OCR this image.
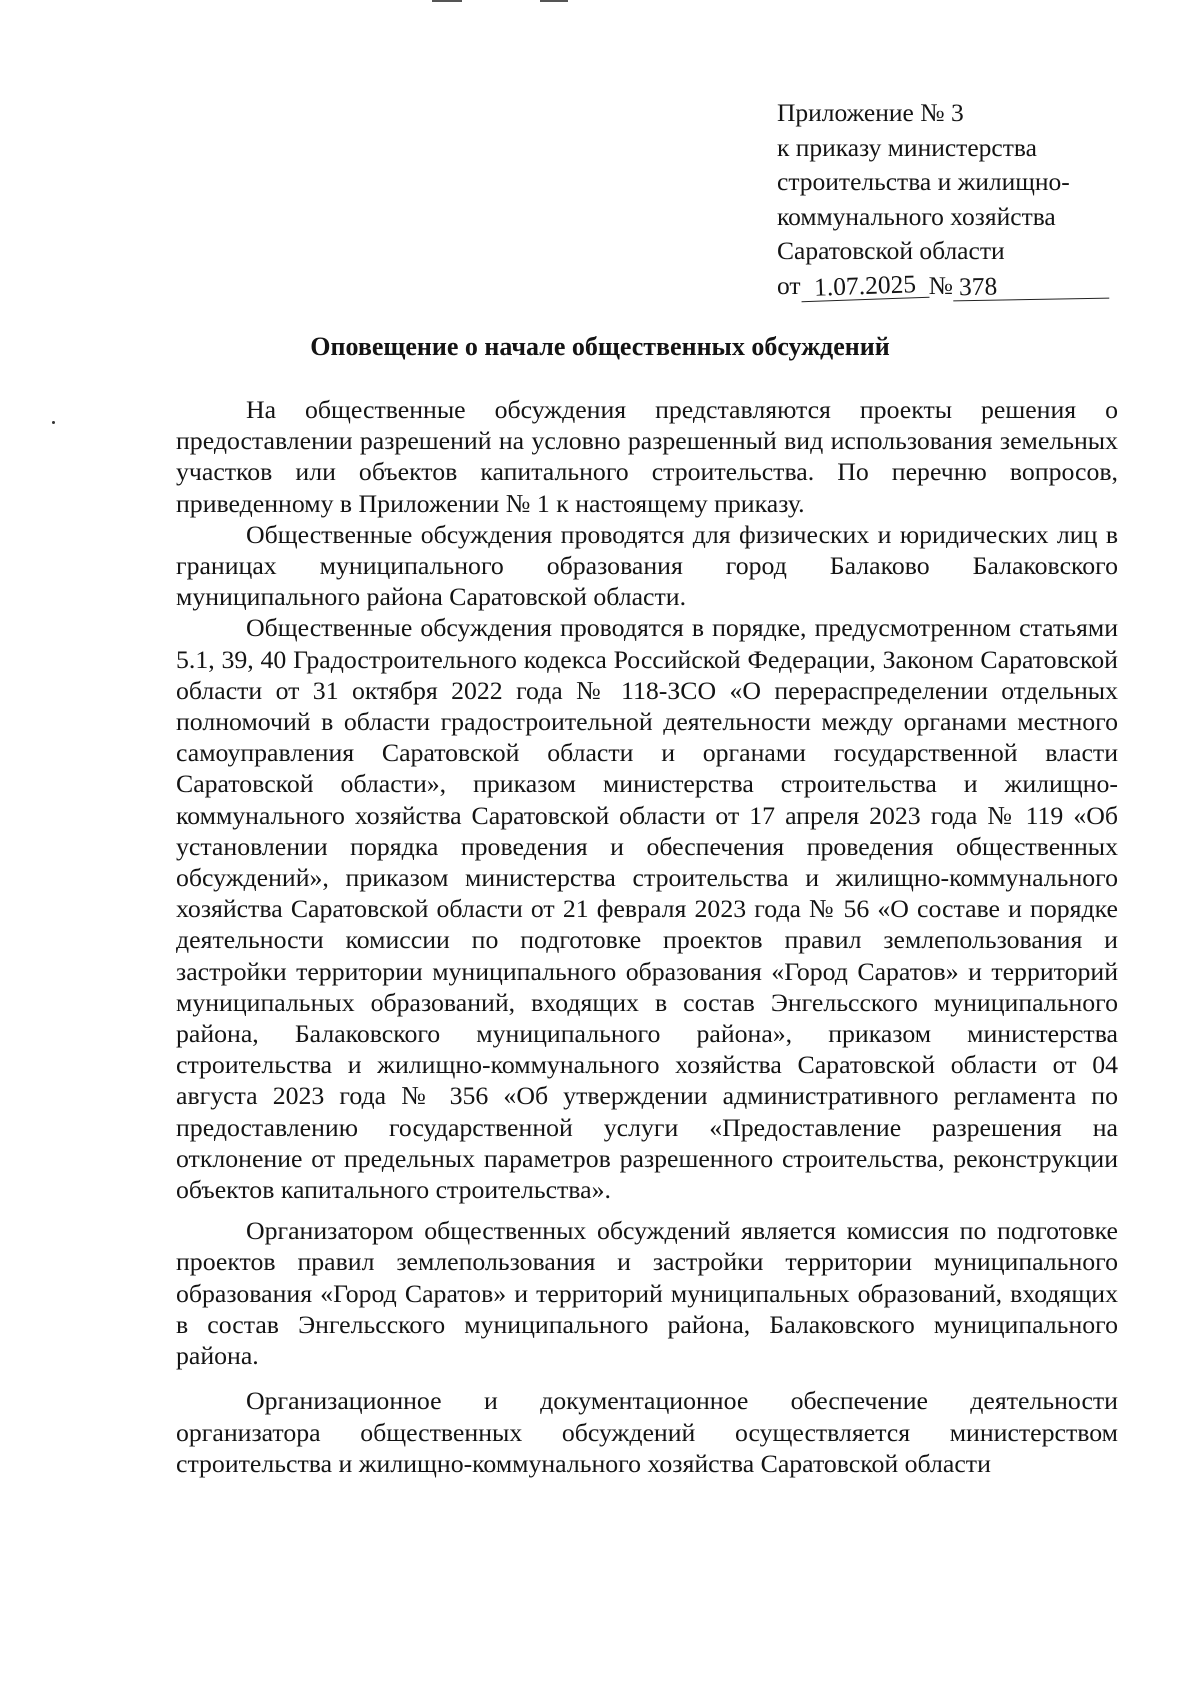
Приложение № 3
к приказу министерства
строительства и жилищно-
коммунального хозяйства
Саратовской области
от 1.07.2025 № 378
Оповещение о начале общественных обсуждений

На общественные обсуждения представляются проекты решения о предоставлении разрешений на условно разрешенный вид использования земельных участков или объектов капитального строительства. По перечню вопросов, приведенному в Приложении № 1 к настоящему приказу.

Общественные обсуждения проводятся для физических и юридических лиц в границах муниципального образования город Балаково Балаковского муниципального района Саратовской области.

Общественные обсуждения проводятся в порядке, предусмотренном статьями 5.1, 39, 40 Градостроительного кодекса Российской Федерации, Законом Саратовской области от 31 октября 2022 года № 118-ЗСО «О перераспределении отдельных полномочий в области градостроительной деятельности между органами местного самоуправления Саратовской области и органами государственной власти Саратовской области», приказом министерства строительства и жилищно-коммунального хозяйства Саратовской области от 17 апреля 2023 года № 119 «Об установлении порядка проведения и обеспечения проведения общественных обсуждений», приказом министерства строительства и жилищно-коммунального хозяйства Саратовской области от 21 февраля 2023 года № 56 «О составе и порядке деятельности комиссии по подготовке проектов правил землепользования и застройки территории муниципального образования «Город Саратов» и территорий муниципальных образований, входящих в состав Энгельсского муниципального района, Балаковского муниципального района», приказом министерства строительства и жилищно-коммунального хозяйства Саратовской области от 04 августа 2023 года № 356 «Об утверждении административного регламента по предоставлению государственной услуги «Предоставление разрешения на отклонение от предельных параметров разрешенного строительства, реконструкции объектов капитального строительства».

Организатором общественных обсуждений является комиссия по подготовке проектов правил землепользования и застройки территории муниципального образования «Город Саратов» и территорий муниципальных образований, входящих в состав Энгельсского муниципального района, Балаковского муниципального района.

Организационное и документационное обеспечение деятельности организатора общественных обсуждений осуществляется министерством строительства и жилищно-коммунального хозяйства Саратовской области
